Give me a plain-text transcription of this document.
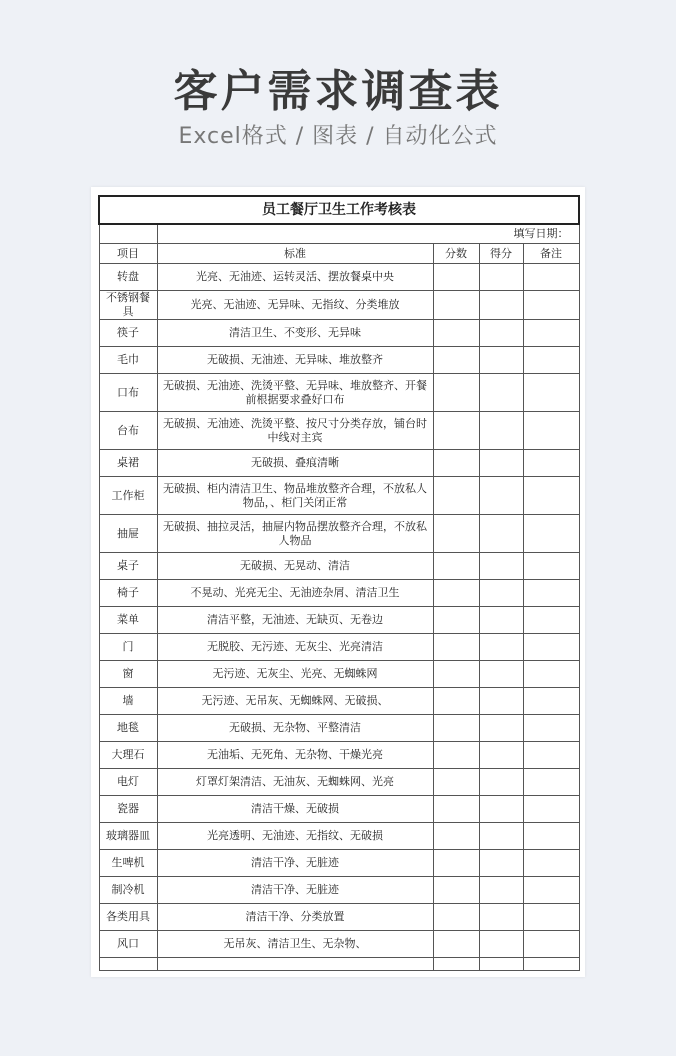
客户需求调查表
Excel格式 / 图表 / 自动化公式
员工餐厅卫生工作考核表				
	填写日期：			
项目	标准	分数	得分	备注
转盘	光亮、无油迹、运转灵活、摆放餐桌中央			
不锈钢餐具	光亮、无油迹、无异味、无指纹、分类堆放			
筷子	清洁卫生、不变形、无异味			
毛巾	无破损、无油迹、无异味、堆放整齐			
口布	无破损、无油迹、洗烫平整、无异味、堆放整齐、开餐前根据要求叠好口布			
台布	无破损、无油迹、洗烫平整、按尺寸分类存放，铺台时中线对主宾			
桌裙	无破损、叠痕清晰			
工作柜	无破损、柜内清洁卫生、物品堆放整齐合理，不放私人物品，、柜门关闭正常			
抽屉	无破损、抽拉灵活，抽屉内物品摆放整齐合理，不放私人物品			
桌子	无破损、无晃动、清洁			
椅子	不晃动、光亮无尘、无油迹杂屑、清洁卫生			
菜单	清洁平整，无油迹、无缺页、无卷边			
门	无脱胶、无污迹、无灰尘、光亮清洁			
窗	无污迹、无灰尘、光亮、无蜘蛛网			
墙	无污迹、无吊灰、无蜘蛛网、无破损、			
地毯	无破损、无杂物、平整清洁			
大理石	无油垢、无死角、无杂物、干燥光亮			
电灯	灯罩灯架清洁、无油灰、无蜘蛛网、光亮			
瓷器	清洁干燥、无破损			
玻璃器皿	光亮透明、无油迹、无指纹、无破损			
生啤机	清洁干净、无脏迹			
制冷机	清洁干净、无脏迹			
各类用具	清洁干净、分类放置			
风口	无吊灰、清洁卫生、无杂物、			
